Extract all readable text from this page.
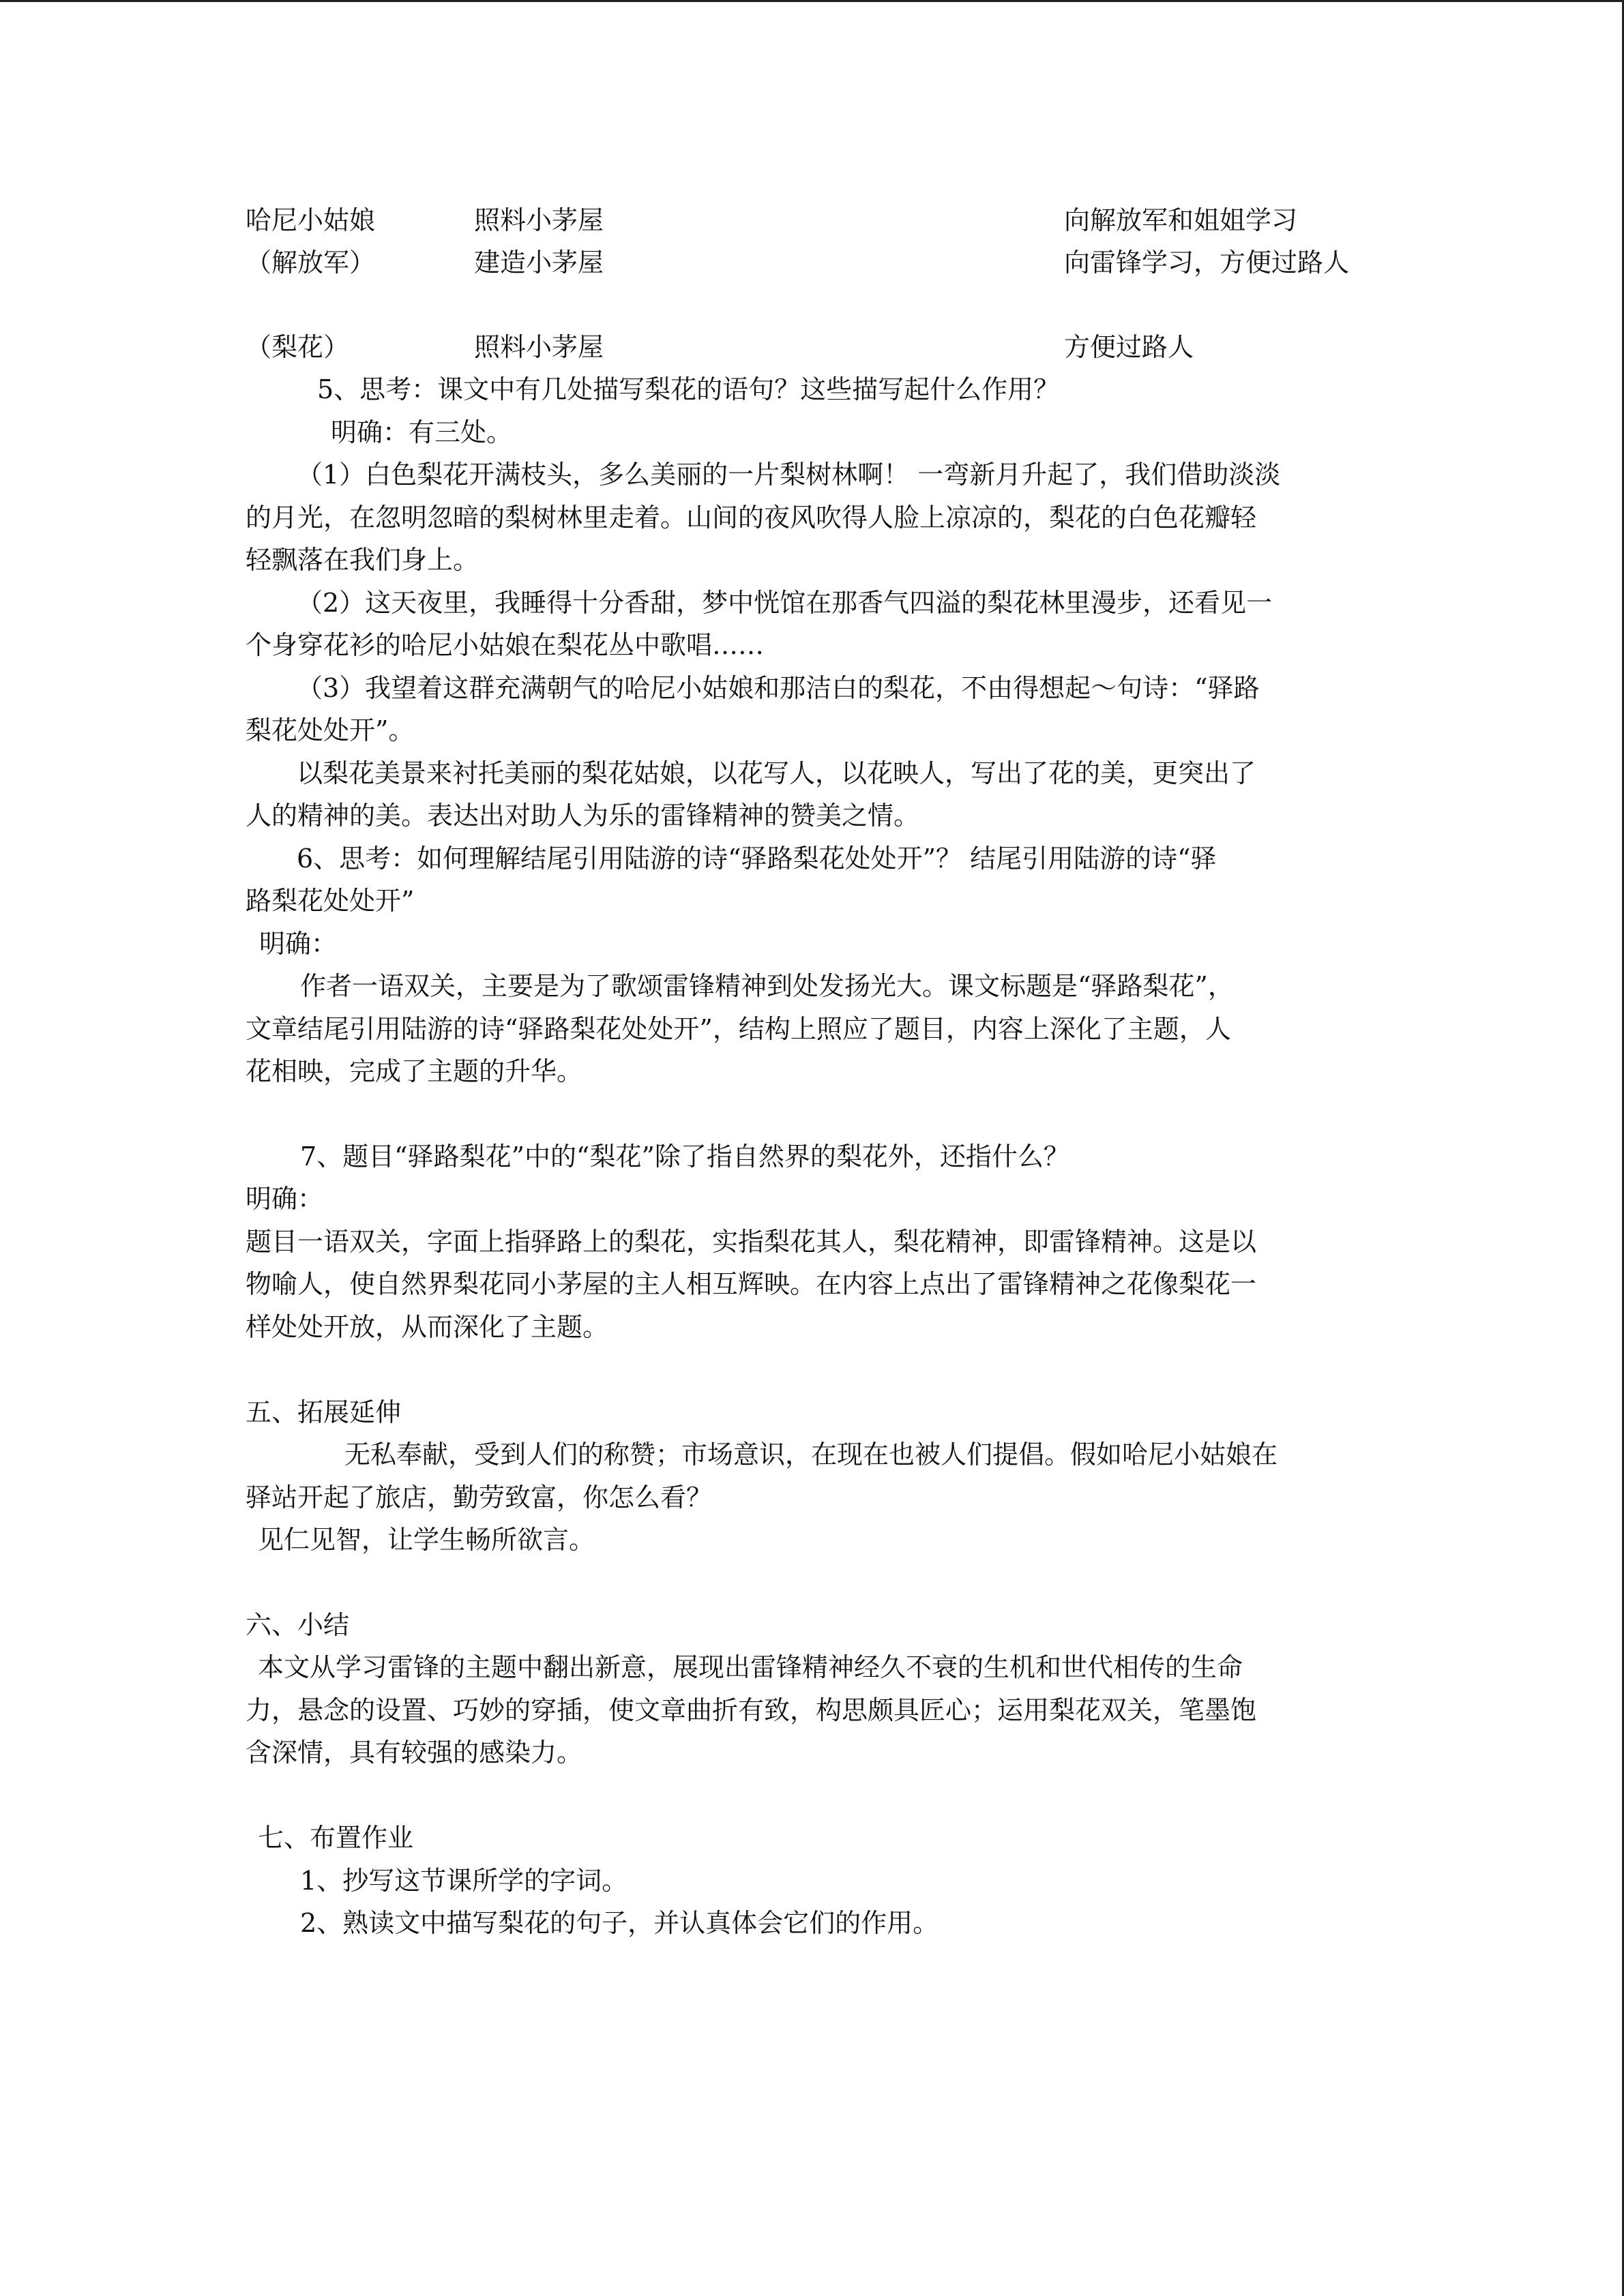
哈尼小姑娘	照料小茅屋	向解放军和姐姐学习
（解放军）	建造小茅屋	向雷锋学习，方便过路人
（梨花）	照料小茅屋	方便过路人
5、思考：课文中有几处描写梨花的语句？这些描写起什么作用？
明确：有三处。
（1）白色梨花开满枝头，多么美丽的一片梨树林啊！ 一弯新月升起了，我们借助淡淡
的月光，在忽明忽暗的梨树林里走着。山间的夜风吹得人脸上凉凉的，梨花的白色花瓣轻
轻飘落在我们身上。
（2）这天夜里，我睡得十分香甜，梦中恍馆在那香气四溢的梨花林里漫步，还看见一
个身穿花衫的哈尼小姑娘在梨花丛中歌唱……
（3）我望着这群充满朝气的哈尼小姑娘和那洁白的梨花，不由得想起～句诗：“驿路
梨花处处开”。
以梨花美景来衬托美丽的梨花姑娘，以花写人，以花映人，写出了花的美，更突出了
人的精神的美。表达出对助人为乐的雷锋精神的赞美之情。
6、思考：如何理解结尾引用陆游的诗“驿路梨花处处开”？ 结尾引用陆游的诗“驿
路梨花处处开”
明确：
作者一语双关，主要是为了歌颂雷锋精神到处发扬光大。课文标题是“驿路梨花”，
文章结尾引用陆游的诗“驿路梨花处处开”，结构上照应了题目，内容上深化了主题，人
花相映，完成了主题的升华。
7、题目“驿路梨花”中的“梨花”除了指自然界的梨花外，还指什么？
明确：
题目一语双关，字面上指驿路上的梨花，实指梨花其人，梨花精神，即雷锋精神。这是以
物喻人，使自然界梨花同小茅屋的主人相互辉映。在内容上点出了雷锋精神之花像梨花一
样处处开放，从而深化了主题。
五、拓展延伸
无私奉献，受到人们的称赞；市场意识，在现在也被人们提倡。假如哈尼小姑娘在
驿站开起了旅店，勤劳致富，你怎么看？
见仁见智，让学生畅所欲言。
六、小结
本文从学习雷锋的主题中翻出新意，展现出雷锋精神经久不衰的生机和世代相传的生命
力，悬念的设置、巧妙的穿插，使文章曲折有致，构思颇具匠心；运用梨花双关，笔墨饱
含深情，具有较强的感染力。
七、布置作业
1、抄写这节课所学的字词。
2、熟读文中描写梨花的句子，并认真体会它们的作用。
